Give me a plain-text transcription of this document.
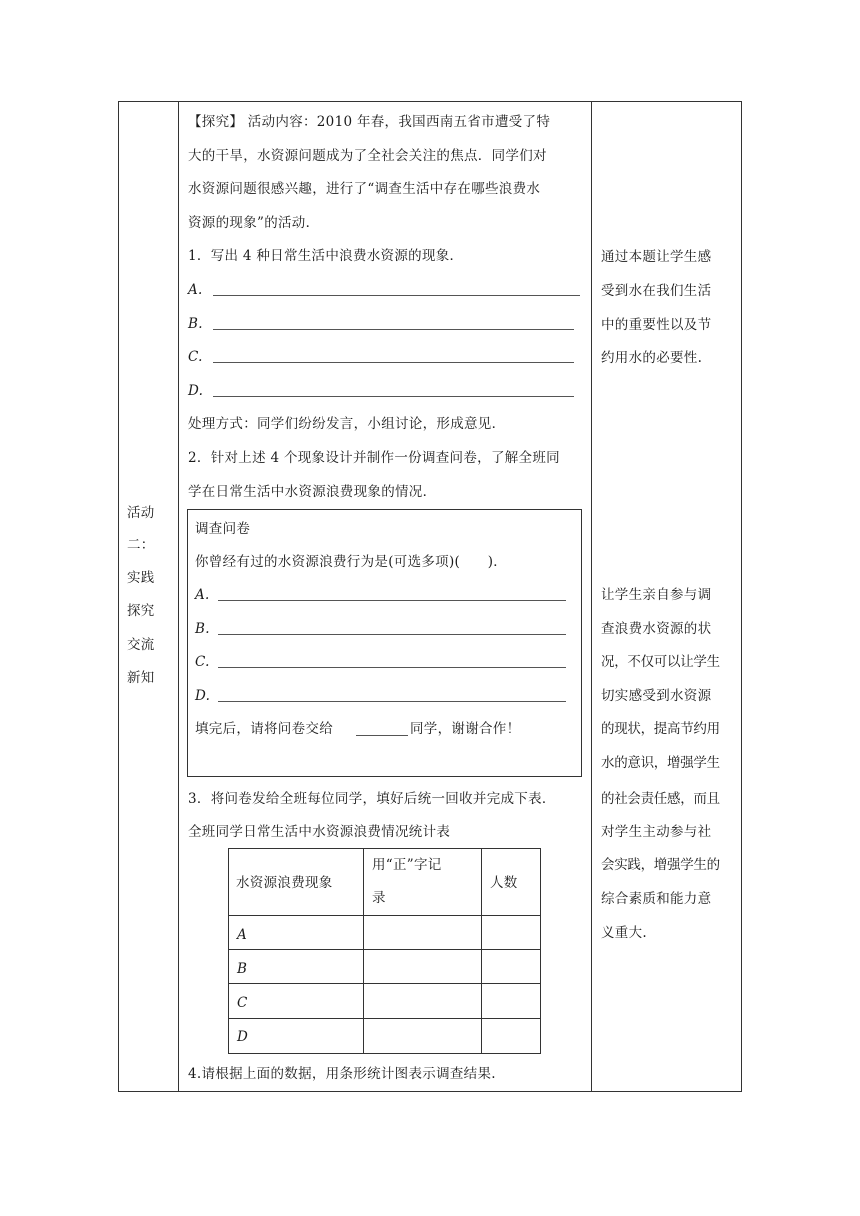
活动
二：
实践
探究
交流
新知
【探究】 活动内容：2010 年春，我国西南五省市遭受了特
大的干旱，水资源问题成为了全社会关注的焦点．同学们对
水资源问题很感兴趣，进行了“调查生活中存在哪些浪费水
资源的现象”的活动．
1．写出 4 种日常生活中浪费水资源的现象．
A.
B.
C.
D.
处理方式：同学们纷纷发言，小组讨论，形成意见．
2．针对上述 4 个现象设计并制作一份调查问卷，了解全班同
学在日常生活中水资源浪费现象的情况．
调查问卷
你曾经有过的水资源浪费行为是(可选多项)(　　)．
A.
B.
C.
D.
填完后，请将问卷交给	同学，谢谢合作！
3．将问卷发给全班每位同学，填好后统一回收并完成下表．
全班同学日常生活中水资源浪费情况统计表
水资源浪费现象
用“正”字记
录
人数
A
B
C
D
4.请根据上面的数据，用条形统计图表示调查结果.
通过本题让学生感
受到水在我们生活
中的重要性以及节
约用水的必要性.
让学生亲自参与调
查浪费水资源的状
况，不仅可以让学生
切实感受到水资源
的现状，提高节约用
水的意识，增强学生
的社会责任感，而且
对学生主动参与社
会实践，增强学生的
综合素质和能力意
义重大.
